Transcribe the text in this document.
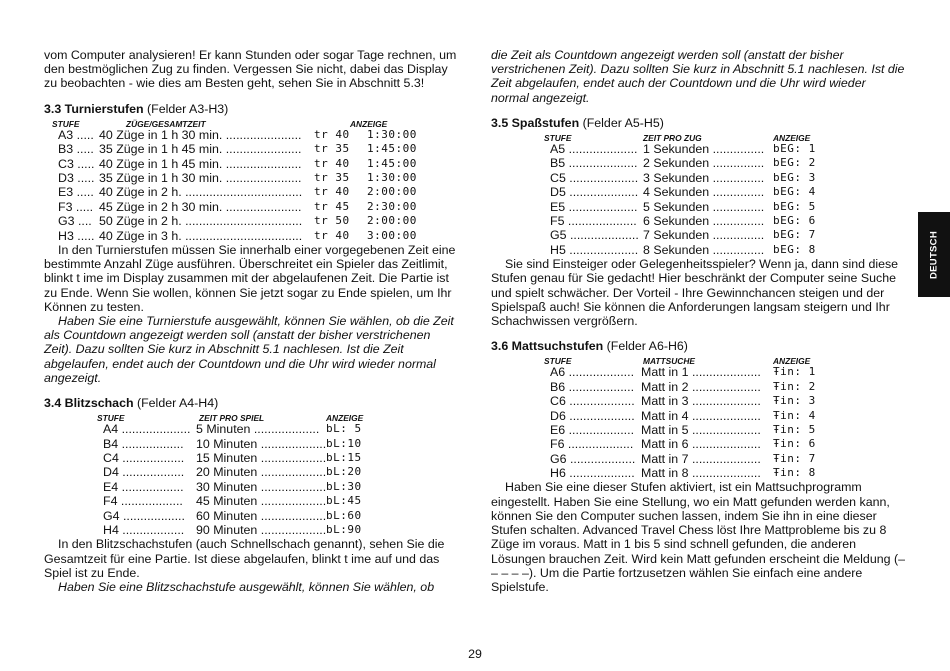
vom Computer analysieren! Er kann Stunden oder sogar Tage rechnen, um den bestmöglichen Zug zu finden. Vergessen Sie nicht, dabei das Display zu beobachten - wie dies am Besten geht, sehen Sie in Abschnitt 5.3!

3.3 Turnierstufen (Felder A3-H3)
STUFE	ZÜGE/GESAMTZEIT	ANZEIGE
A3 ..... 40 Züge in 1 h 30 min. ...................... tr 40 1:30:00
B3 ..... 35 Züge in 1 h 45 min. ...................... tr 35 1:45:00
C3 ..... 40 Züge in 1 h 45 min. ...................... tr 40 1:45:00
D3 ..... 35 Züge in 1 h 30 min. ...................... tr 35 1:30:00
E3 ..... 40 Züge in 2 h. .................................. tr 40 2:00:00
F3 ..... 45 Züge in 2 h 30 min. ...................... tr 45 2:30:00
G3 .... 50 Züge in 2 h. .................................. tr 50 2:00:00
H3 ..... 40 Züge in 3 h. .................................. tr 40 3:00:00

In den Turnierstufen müssen Sie innerhalb einer vorgegebenen Zeit eine bestimmte Anzahl Züge ausführen. Überschreitet ein Spieler das Zeitlimit, blinkt t ime im Display zusammen mit der abgelaufenen Zeit. Die Partie ist zu Ende. Wenn Sie wollen, können Sie jetzt sogar zu Ende spielen, um Ihr Können zu testen.

Haben Sie eine Turnierstufe ausgewählt, können Sie wählen, ob die Zeit als Countdown angezeigt werden soll (anstatt der bisher verstrichenen Zeit). Dazu sollten Sie kurz in Abschnitt 5.1 nachlesen. Ist die Zeit abgelaufen, endet auch der Countdown und die Uhr wird wieder normal angezeigt.

3.4 Blitzschach (Felder A4-H4)
STUFE	ZEIT PRO SPIEL	ANZEIGE
A4 .................... 5 Minuten ................... bL: 5
B4 .................. 10 Minuten ................... bL:10
C4 .................. 15 Minuten ................... bL:15
D4 .................. 20 Minuten ................... bL:20
E4 .................. 30 Minuten ................... bL:30
F4 .................. 45 Minuten ................... bL:45
G4 .................. 60 Minuten ................... bL:60
H4 .................. 90 Minuten ................... bL:90

In den Blitzschachstufen (auch Schnellschach genannt), sehen Sie die Gesamtzeit für eine Partie. Ist diese abgelaufen, blinkt t ime auf und das Spiel ist zu Ende.

Haben Sie eine Blitzschachstufe ausgewählt, können Sie wählen, ob

die Zeit als Countdown angezeigt werden soll (anstatt der bisher verstrichenen Zeit). Dazu sollten Sie kurz in Abschnitt 5.1 nachlesen. Ist die Zeit abgelaufen, endet auch der Countdown und die Uhr wird wieder normal angezeigt.

3.5 Spaßstufen (Felder A5-H5)
STUFE	ZEIT PRO ZUG	ANZEIGE
A5 .................... 1 Sekunden ............... bEG: 1
B5 .................... 2 Sekunden ............... bEG: 2
C5 .................... 3 Sekunden ............... bEG: 3
D5 .................... 4 Sekunden ............... bEG: 4
E5 .................... 5 Sekunden ............... bEG: 5
F5 .................... 6 Sekunden ............... bEG: 6
G5 .................... 7 Sekunden ............... bEG: 7
H5 .................... 8 Sekunden ............... bEG: 8

Sie sind Einsteiger oder Gelegenheitsspieler? Wenn ja, dann sind diese Stufen genau für Sie gedacht! Hier beschränkt der Computer seine Suche und spielt schwächer. Der Vorteil - Ihre Gewinnchancen steigen und der Spielspaß auch! Sie können die Anforderungen langsam steigern und Ihr Schachwissen vergrößern.

3.6 Mattsuchstufen (Felder A6-H6)
STUFE	MATTSUCHE	ANZEIGE
A6 ................... Matt in 1 .................... Ŧin: 1
B6 ................... Matt in 2 .................... Ŧin: 2
C6 ................... Matt in 3 .................... Ŧin: 3
D6 ................... Matt in 4 .................... Ŧin: 4
E6 ................... Matt in 5 .................... Ŧin: 5
F6 ................... Matt in 6 .................... Ŧin: 6
G6 ................... Matt in 7 .................... Ŧin: 7
H6 ................... Matt in 8 .................... Ŧin: 8

Haben Sie eine dieser Stufen aktiviert, ist ein Mattsuchprogramm eingestellt. Haben Sie eine Stellung, wo ein Matt gefunden werden kann, können Sie den Computer suchen lassen, indem Sie ihn in eine dieser Stufen schalten. Advanced Travel Chess löst Ihre Mattprobleme bis zu 8 Züge im voraus. Matt in 1 bis 5 sind schnell gefunden, die anderen Lösungen brauchen Zeit. Wird kein Matt gefunden erscheint die Meldung (– – – – –). Um die Partie fortzusetzen wählen Sie einfach eine andere Spielstufe.

DEUTSCH
29
